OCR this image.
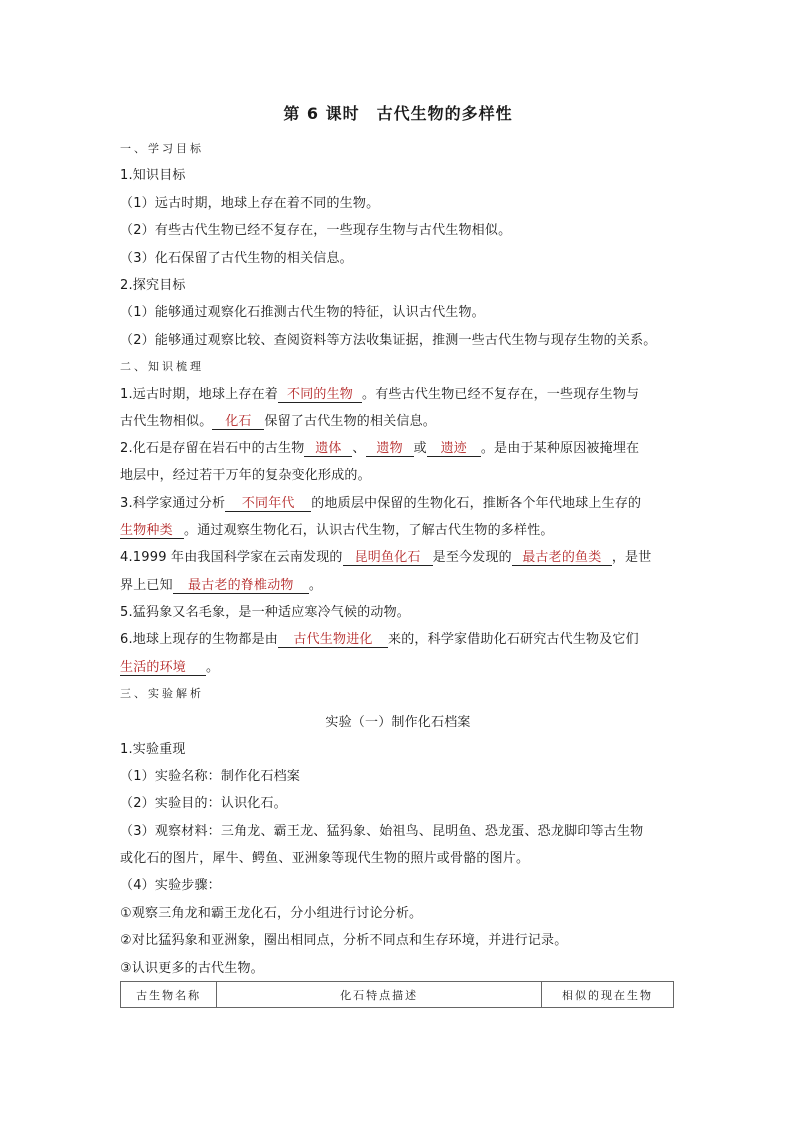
第 6 课时　古代生物的多样性
一、学习目标
1.知识目标
（1）远古时期，地球上存在着不同的生物。
（2）有些古代生物已经不复存在，一些现存生物与古代生物相似。
（3）化石保留了古代生物的相关信息。
2.探究目标
（1）能够通过观察化石推测古代生物的特征，认识古代生物。
（2）能够通过观察比较、查阅资料等方法收集证据，推测一些古代生物与现存生物的关系。
二、知识梳理
1.远古时期，地球上存在着 不同的生物 。有些古代生物已经不复存在，一些现存生物与
古代生物相似。 化石 保留了古代生物的相关信息。
2.化石是存留在岩石中的古生物 遗体 、 遗物 或 遗迹 。是由于某种原因被掩埋在
地层中，经过若干万年的复杂变化形成的。
3.科学家通过分析 不同年代 的地质层中保留的生物化石，推断各个年代地球上生存的
生物种类 。通过观察生物化石，认识古代生物，了解古代生物的多样性。
4.1999 年由我国科学家在云南发现的 昆明鱼化石 是至今发现的 最古老的鱼类 ，是世
界上已知 最古老的脊椎动物 。
5.猛犸象又名毛象，是一种适应寒冷气候的动物。
6.地球上现存的生物都是由 古代生物进化 来的，科学家借助化石研究古代生物及它们
生活的环境 。
三、实验解析
实验（一）制作化石档案
1.实验重现
（1）实验名称：制作化石档案
（2）实验目的：认识化石。
（3）观察材料：三角龙、霸王龙、猛犸象、始祖鸟、昆明鱼、恐龙蛋、恐龙脚印等古生物
或化石的图片，犀牛、鳄鱼、亚洲象等现代生物的照片或骨骼的图片。
（4）实验步骤：
①观察三角龙和霸王龙化石，分小组进行讨论分析。
②对比猛犸象和亚洲象，圈出相同点，分析不同点和生存环境，并进行记录。
③认识更多的古代生物。
古生物名称	化石特点描述	相似的现在生物
